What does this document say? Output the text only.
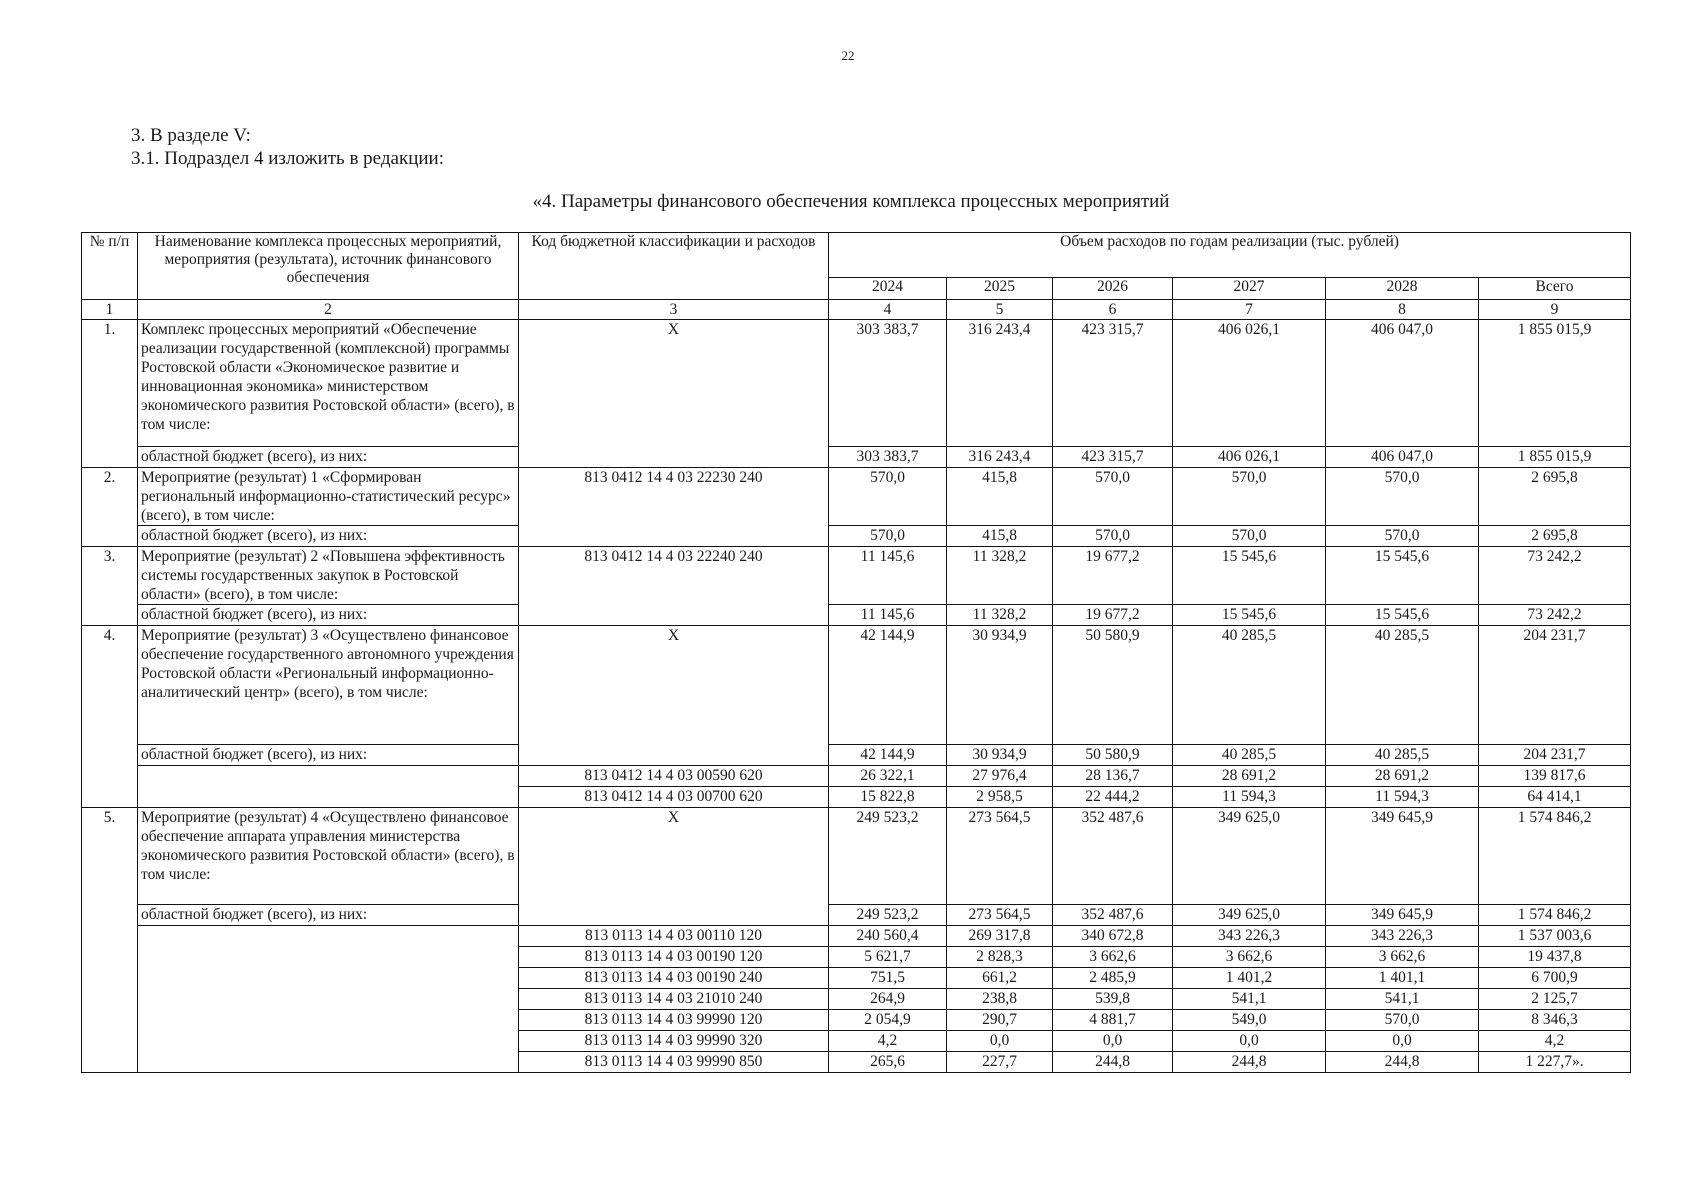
22
3. В разделе V:
3.1. Подраздел 4 изложить в редакции:
«4. Параметры финансового обеспечения комплекса процессных мероприятий
№ п/п	Наименование комплекса процессных мероприятий, мероприятия (результата), источник финансового обеспечения	Код бюджетной классификации и расходов	Объем расходов по годам реализации (тыс. рублей)					
			2024	2025	2026	2027	2028	Всего
1	2	3	4	5	6	7	8	9
1.	Комплекс процессных мероприятий «Обеспечение реализации государственной (комплексной) программы Ростовской области «Экономическое развитие и инновационная экономика» министерством экономического развития Ростовской области» (всего), в том числе:	X	303 383,7	316 243,4	423 315,7	406 026,1	406 047,0	1 855 015,9
	областной бюджет (всего), из них:		303 383,7	316 243,4	423 315,7	406 026,1	406 047,0	1 855 015,9
2.	Мероприятие (результат) 1 «Сформирован региональный информационно-статистический ресурс» (всего), в том числе:	813 0412 14 4 03 22230 240	570,0	415,8	570,0	570,0	570,0	2 695,8
	областной бюджет (всего), из них:		570,0	415,8	570,0	570,0	570,0	2 695,8
3.	Мероприятие (результат) 2 «Повышена эффективность системы государственных закупок в Ростовской области» (всего), в том числе:	813 0412 14 4 03 22240 240	11 145,6	11 328,2	19 677,2	15 545,6	15 545,6	73 242,2
	областной бюджет (всего), из них:		11 145,6	11 328,2	19 677,2	15 545,6	15 545,6	73 242,2
4.	Мероприятие (результат) 3 «Осуществлено финансовое обеспечение государственного автономного учреждения Ростовской области «Региональный информационно-аналитический центр» (всего), в том числе:	X	42 144,9	30 934,9	50 580,9	40 285,5	40 285,5	204 231,7
	областной бюджет (всего), из них:		42 144,9	30 934,9	50 580,9	40 285,5	40 285,5	204 231,7
		813 0412 14 4 03 00590 620	26 322,1	27 976,4	28 136,7	28 691,2	28 691,2	139 817,6
		813 0412 14 4 03 00700 620	15 822,8	2 958,5	22 444,2	11 594,3	11 594,3	64 414,1
5.	Мероприятие (результат) 4 «Осуществлено финансовое обеспечение аппарата управления министерства экономического развития Ростовской области» (всего), в том числе:	X	249 523,2	273 564,5	352 487,6	349 625,0	349 645,9	1 574 846,2
	областной бюджет (всего), из них:		249 523,2	273 564,5	352 487,6	349 625,0	349 645,9	1 574 846,2
		813 0113 14 4 03 00110 120	240 560,4	269 317,8	340 672,8	343 226,3	343 226,3	1 537 003,6
		813 0113 14 4 03 00190 120	5 621,7	2 828,3	3 662,6	3 662,6	3 662,6	19 437,8
		813 0113 14 4 03 00190 240	751,5	661,2	2 485,9	1 401,2	1 401,1	6 700,9
		813 0113 14 4 03 21010 240	264,9	238,8	539,8	541,1	541,1	2 125,7
		813 0113 14 4 03 99990 120	2 054,9	290,7	4 881,7	549,0	570,0	8 346,3
		813 0113 14 4 03 99990 320	4,2	0,0	0,0	0,0	0,0	4,2
		813 0113 14 4 03 99990 850	265,6	227,7	244,8	244,8	244,8	1 227,7».
